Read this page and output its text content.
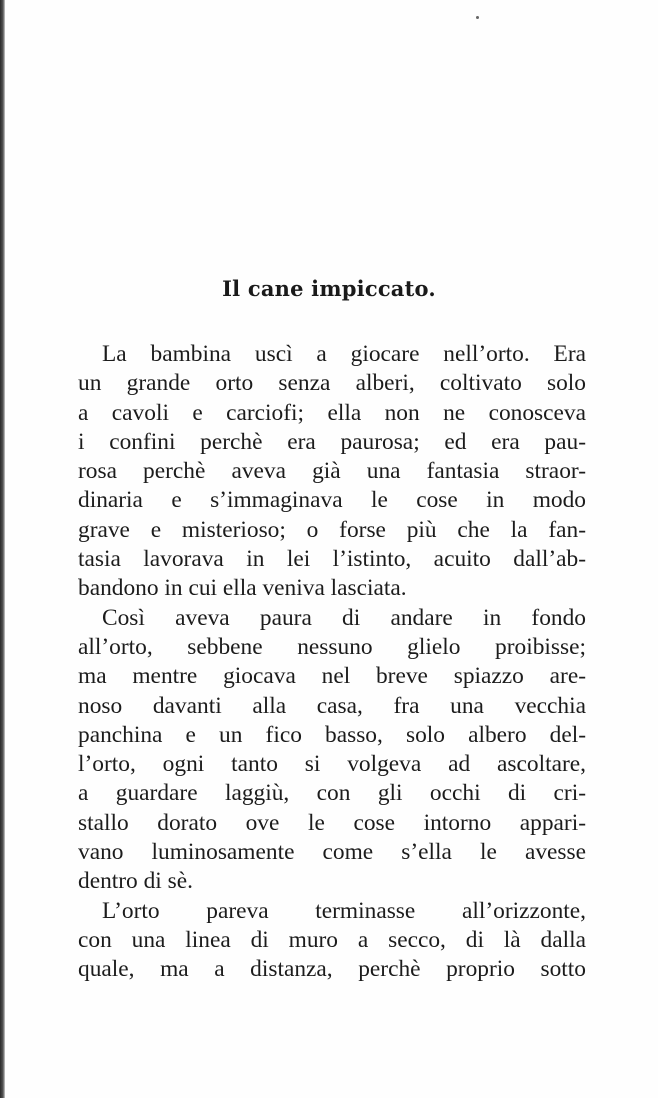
Il cane impiccato.
La bambina uscì a giocare nell’orto. Era
un grande orto senza alberi, coltivato solo
a cavoli e carciofi; ella non ne conosceva
i confini perchè era paurosa; ed era pau-
rosa perchè aveva già una fantasia straor-
dinaria e s’immaginava le cose in modo
grave e misterioso; o forse più che la fan-
tasia lavorava in lei l’istinto, acuito dall’ab-
bandono in cui ella veniva lasciata.
Così aveva paura di andare in fondo
all’orto, sebbene nessuno glielo proibisse;
ma mentre giocava nel breve spiazzo are-
noso davanti alla casa, fra una vecchia
panchina e un fico basso, solo albero del-
l’orto, ogni tanto si volgeva ad ascoltare,
a guardare laggiù, con gli occhi di cri-
stallo dorato ove le cose intorno appari-
vano luminosamente come s’ella le avesse
dentro di sè.
L’orto pareva terminasse all’orizzonte,
con una linea di muro a secco, di là dalla
quale, ma a distanza, perchè proprio sotto
